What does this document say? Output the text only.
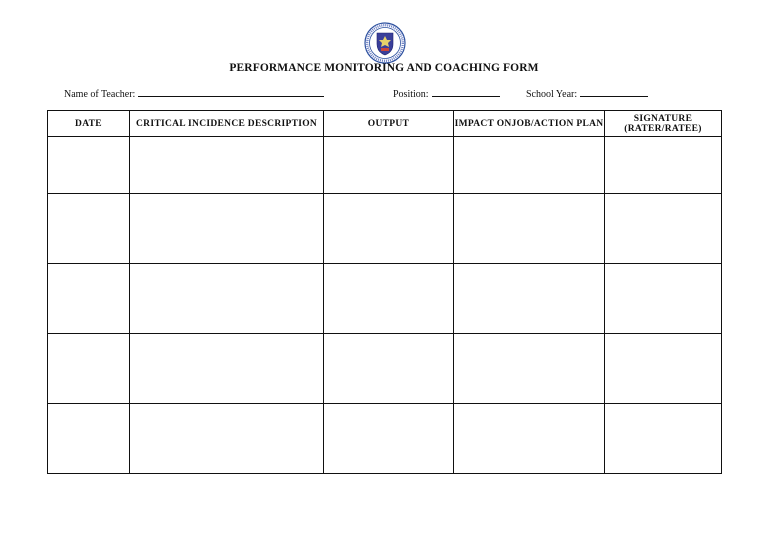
PERFORMANCE MONITORING AND COACHING FORM
Name of Teacher:	Position:	School Year:
DATE	CRITICAL INCIDENCE DESCRIPTION	OUTPUT	IMPACT ONJOB/ACTION PLAN	SIGNATURE (RATER/RATEE)
